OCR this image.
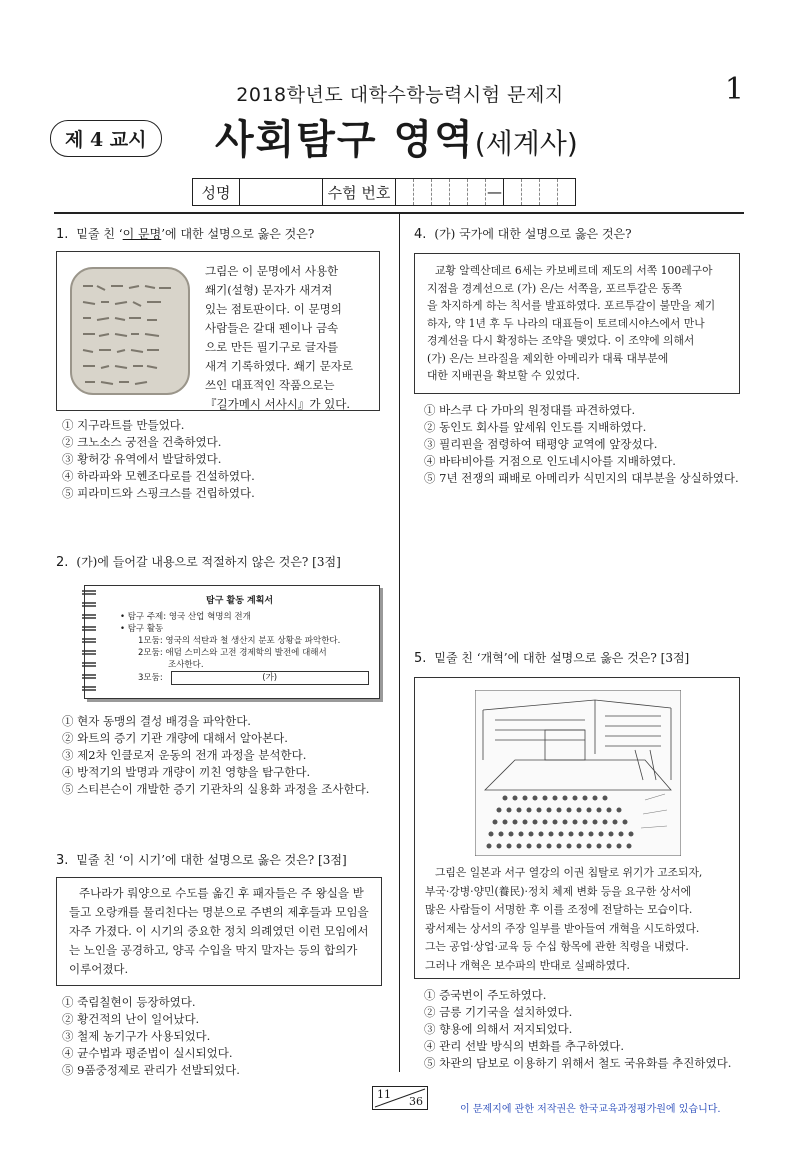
2018학년도 대학수학능력시험 문제지	1
제 4 교시	사회탐구 영역(세계사)
성명	수험 번호	—
1. 밑줄 친 ‘이 문명’에 대한 설명으로 옳은 것은?
그림은 이 문명에서 사용한
쐐기(설형) 문자가 새겨져
있는 점토판이다. 이 문명의
사람들은 갈대 펜이나 금속
으로 만든 필기구로 글자를
새겨 기록하였다. 쐐기 문자로
쓰인 대표적인 작품으로는
『길가메시 서사시』가 있다.
① 지구라트를 만들었다.
② 크노소스 궁전을 건축하였다.
③ 황허강 유역에서 발달하였다.
④ 하라파와 모헨조다로를 건설하였다.
⑤ 피라미드와 스핑크스를 건립하였다.
2. (가)에 들어갈 내용으로 적절하지 않은 것은? [3점]
탐구 활동 계획서
• 탐구 주제: 영국 산업 혁명의 전개
• 탐구 활동
1모둠: 영국의 석탄과 철 생산지 분포 상황을 파악한다.
2모둠: 애덤 스미스와 고전 경제학의 발전에 대해서
조사한다.
3모둠:	(가)
① 현자 동맹의 결성 배경을 파악한다.
② 와트의 증기 기관 개량에 대해서 알아본다.
③ 제2차 인클로저 운동의 전개 과정을 분석한다.
④ 방적기의 발명과 개량이 끼친 영향을 탐구한다.
⑤ 스티븐슨이 개발한 증기 기관차의 실용화 과정을 조사한다.
3. 밑줄 친 ‘이 시기’에 대한 설명으로 옳은 것은? [3점]
주나라가 뤄양으로 수도를 옮긴 후 패자들은 주 왕실을 받
들고 오랑캐를 물리친다는 명분으로 주변의 제후들과 모임을
자주 가졌다. 이 시기의 중요한 정치 의례였던 이런 모임에서
는 노인을 공경하고, 양곡 수입을 막지 말자는 등의 합의가
이루어졌다.
① 죽림칠현이 등장하였다.
② 황건적의 난이 일어났다.
③ 철제 농기구가 사용되었다.
④ 균수법과 평준법이 실시되었다.
⑤ 9품중정제로 관리가 선발되었다.
4. (가) 국가에 대한 설명으로 옳은 것은?
교황 알렉산데르 6세는 카보베르데 제도의 서쪽 100레구아
지점을 경계선으로 (가) 은/는 서쪽을, 포르투갈은 동쪽
을 차지하게 하는 칙서를 발표하였다. 포르투갈이 불만을 제기
하자, 약 1년 후 두 나라의 대표들이 토르데시야스에서 만나
경계선을 다시 확정하는 조약을 맺었다. 이 조약에 의해서
(가) 은/는 브라질을 제외한 아메리카 대륙 대부분에
대한 지배권을 확보할 수 있었다.
① 바스쿠 다 가마의 원정대를 파견하였다.
② 동인도 회사를 앞세워 인도를 지배하였다.
③ 필리핀을 점령하여 태평양 교역에 앞장섰다.
④ 바타비아를 거점으로 인도네시아를 지배하였다.
⑤ 7년 전쟁의 패배로 아메리카 식민지의 대부분을 상실하였다.
5. 밑줄 친 ‘개혁’에 대한 설명으로 옳은 것은? [3점]
그림은 일본과 서구 열강의 이권 침탈로 위기가 고조되자,
부국·강병·양민(養民)·정치 체제 변화 등을 요구한 상서에
많은 사람들이 서명한 후 이를 조정에 전달하는 모습이다.
광서제는 상서의 주장 일부를 받아들여 개혁을 시도하였다.
그는 공업·상업·교육 등 수십 항목에 관한 칙령을 내렸다.
그러나 개혁은 보수파의 반대로 실패하였다.
① 증국번이 주도하였다.
② 금릉 기기국을 설치하였다.
③ 향용에 의해서 저지되었다.
④ 관리 선발 방식의 변화를 추구하였다.
⑤ 차관의 담보로 이용하기 위해서 철도 국유화를 추진하였다.
11
36
이 문제지에 관한 저작권은 한국교육과정평가원에 있습니다.
